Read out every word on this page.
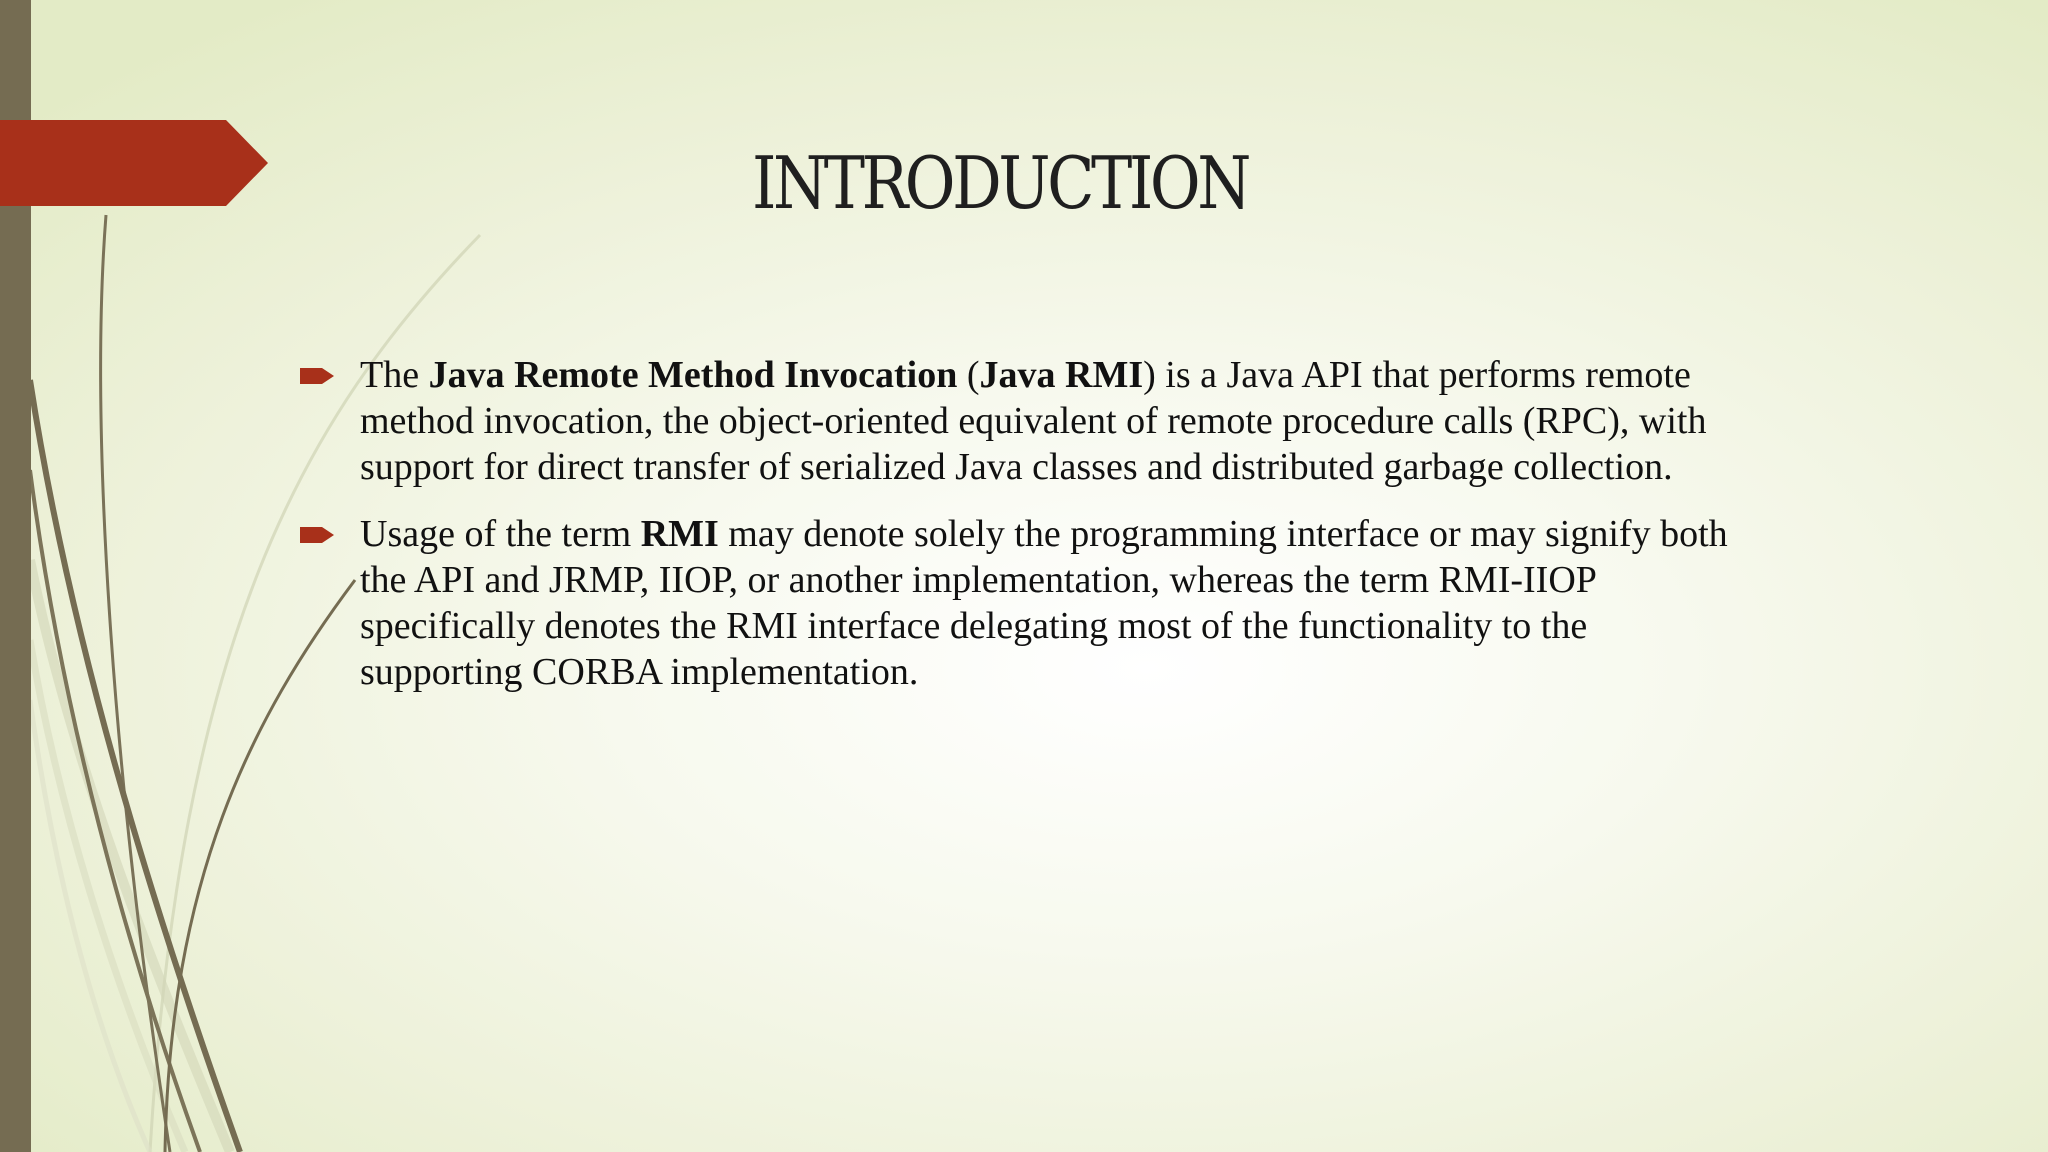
INTRODUCTION
The Java Remote Method Invocation (Java RMI) is a Java API that performs remote method invocation, the object-oriented equivalent of remote procedure calls (RPC), with support for direct transfer of serialized Java classes and distributed garbage collection.
Usage of the term RMI may denote solely the programming interface or may signify both the API and JRMP, IIOP, or another implementation, whereas the term RMI-IIOP specifically denotes the RMI interface delegating most of the functionality to the supporting CORBA implementation.
